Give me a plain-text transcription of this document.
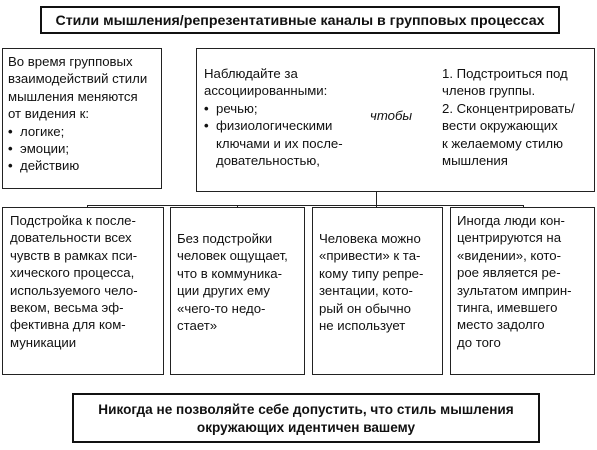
Стили мышления/репрезентативные каналы в групповых процессах
Во время групповых
взаимодействий стили
мышления меняются
от видения к:
• логике;
• эмоции;
• действию
Наблюдайте за
ассоциированными:
• речью;
• физиологическими
ключами и их после-
довательностью,
чтобы
1. Подстроиться под
членов группы.
2. Сконцентрировать/
вести окружающих
к желаемому стилю
мышления
Подстройка к после-
довательности всех
чувств в рамках пси-
хического процесса,
используемого чело-
веком, весьма эф-
фективна для ком-
муникации
Без подстройки
человек ощущает,
что в коммуника-
ции других ему
«чего-то недо-
стает»
Человека можно
«привести» к та-
кому типу репре-
зентации, кото-
рый он обычно
не использует
Иногда люди кон-
центрируются на
«видении», кото-
рое является ре-
зультатом имприн-
тинга, имевшего
место задолго
до того
Никогда не позволяйте себе допустить, что стиль мышления
окружающих идентичен вашему
